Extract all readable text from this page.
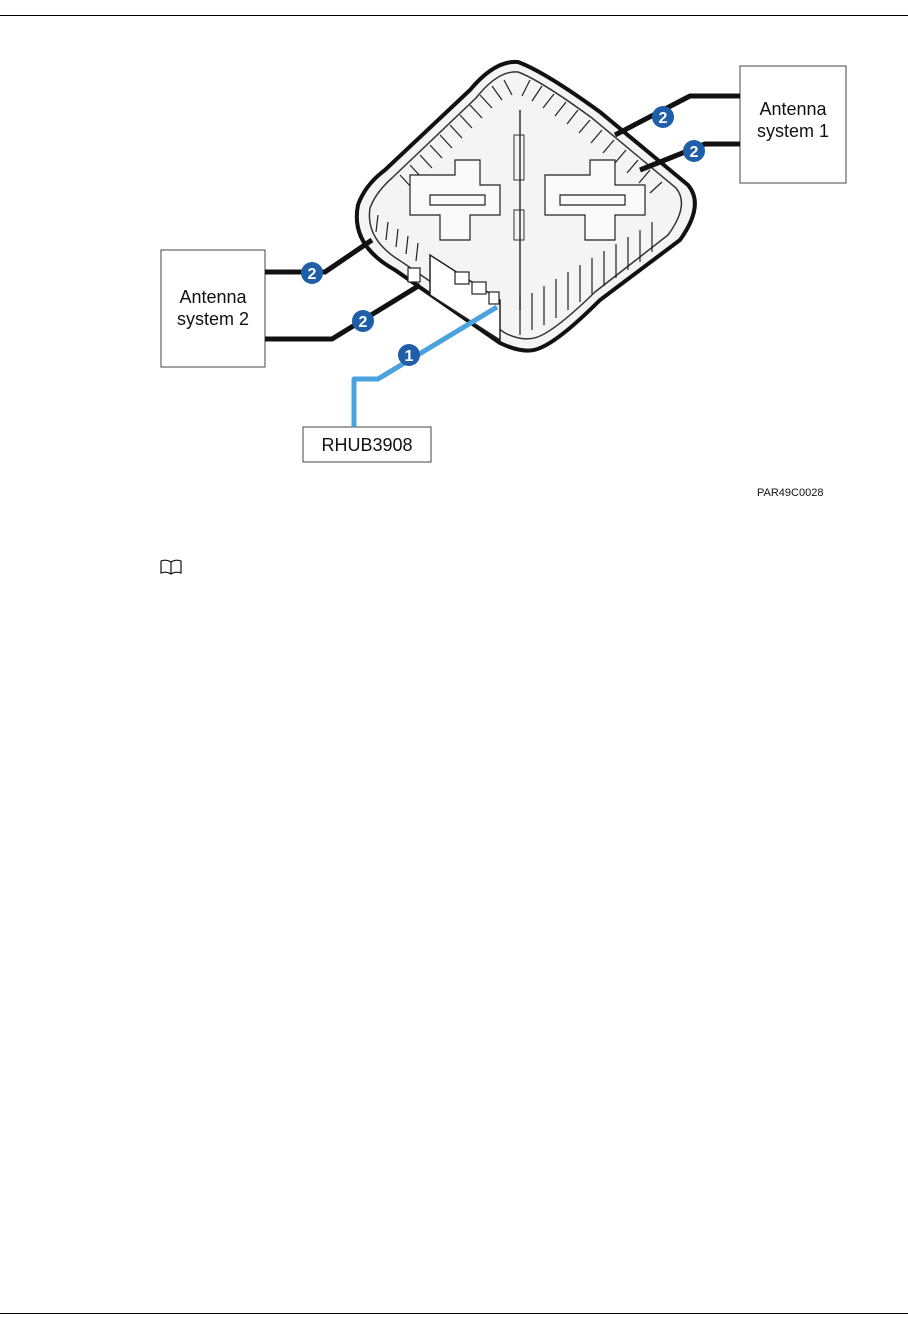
2
2
2
2
1
Antenna
system 1
Antenna
system 2
RHUB3908
PAR49C0028
